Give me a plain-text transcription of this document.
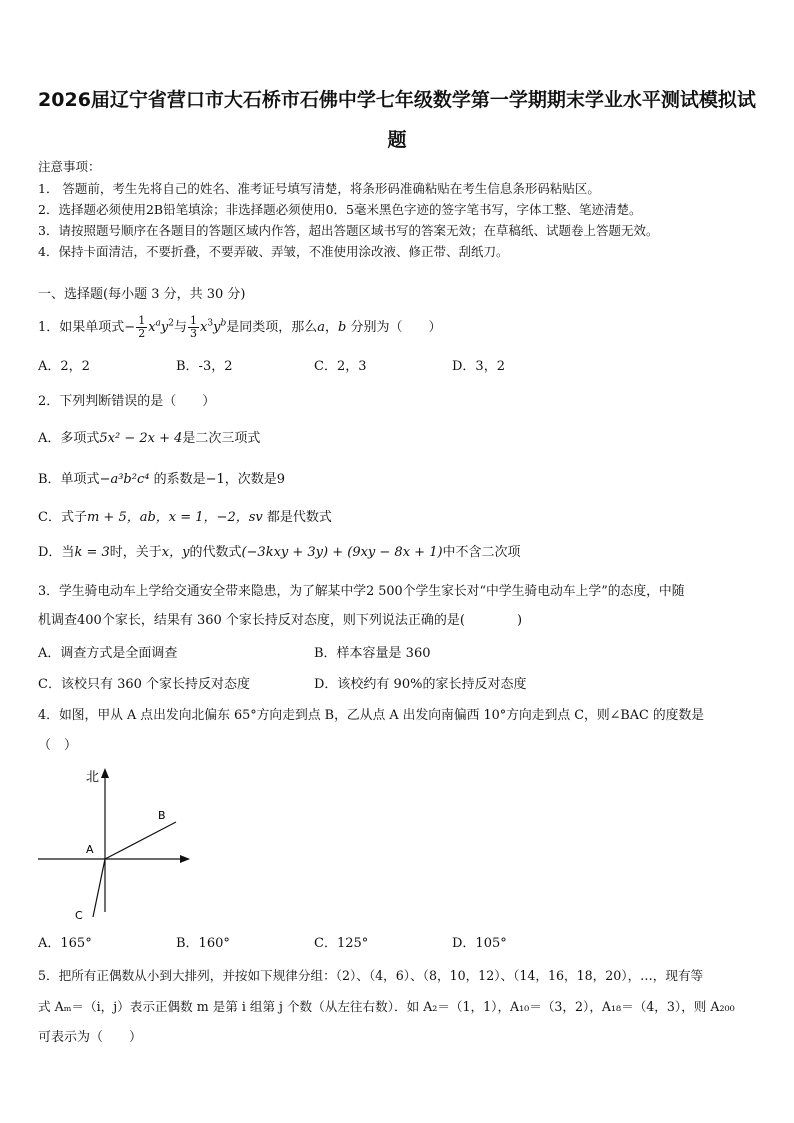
2026届辽宁省营口市大石桥市石佛中学七年级数学第一学期期末学业水平测试模拟试
题
注意事项：
1． 答题前，考生先将自己的姓名、准考证号填写清楚，将条形码准确粘贴在考生信息条形码粘贴区。
2．选择题必须使用2B铅笔填涂；非选择题必须使用0．5毫米黑色字迹的签字笔书写，字体工整、笔迹清楚。
3．请按照题号顺序在各题目的答题区域内作答，超出答题区域书写的答案无效；在草稿纸、试题卷上答题无效。
4．保持卡面清洁，不要折叠，不要弄破、弄皱，不准使用涂改液、修正带、刮纸刀。
一、选择题(每小题 3 分，共 30 分)
1．如果单项式− $\frac{1}{2} x^ay^2$与 $\frac{1}{3} x^3y^b$是同类项，那么a，b 分别为（　　）
A．2，2	B．-3，2	C．2，3	D．3，2
2．下列判断错误的是（　　）
A．多项式5x² − 2x + 4是二次三项式
B．单项式−a³b²c⁴ 的系数是−1，次数是9
C．式子m + 5，ab，x = 1，−2，sv 都是代数式
D．当k = 3时，关于x，y的代数式(−3kxy + 3y) + (9xy − 8x + 1)中不含二次项
3．学生骑电动车上学给交通安全带来隐患，为了解某中学2 500个学生家长对“中学生骑电动车上学”的态度，中随
机调查400个家长，结果有 360 个家长持反对态度，则下列说法正确的是(　　　　)
A．调查方式是全面调查	B．样本容量是 360
C．该校只有 360 个家长持反对态度	D．该校约有 90%的家长持反对态度
4．如图，甲从 A 点出发向北偏东 65°方向走到点 B，乙从点 A 出发向南偏西 10°方向走到点 C，则∠BAC 的度数是
（　）
北
A
B
C
A．165°	B．160°	C．125°	D．105°
5．把所有正偶数从小到大排列，并按如下规律分组：（2）、（4，6）、（8，10，12）、（14，16，18，20），…，现有等
式 Aₘ＝（i，j）表示正偶数 m 是第 i 组第 j 个数（从左往右数）．如 A₂＝（1，1），A₁₀＝（3，2），A₁₈＝（4，3），则 A₂₀₀
可表示为（　　）
